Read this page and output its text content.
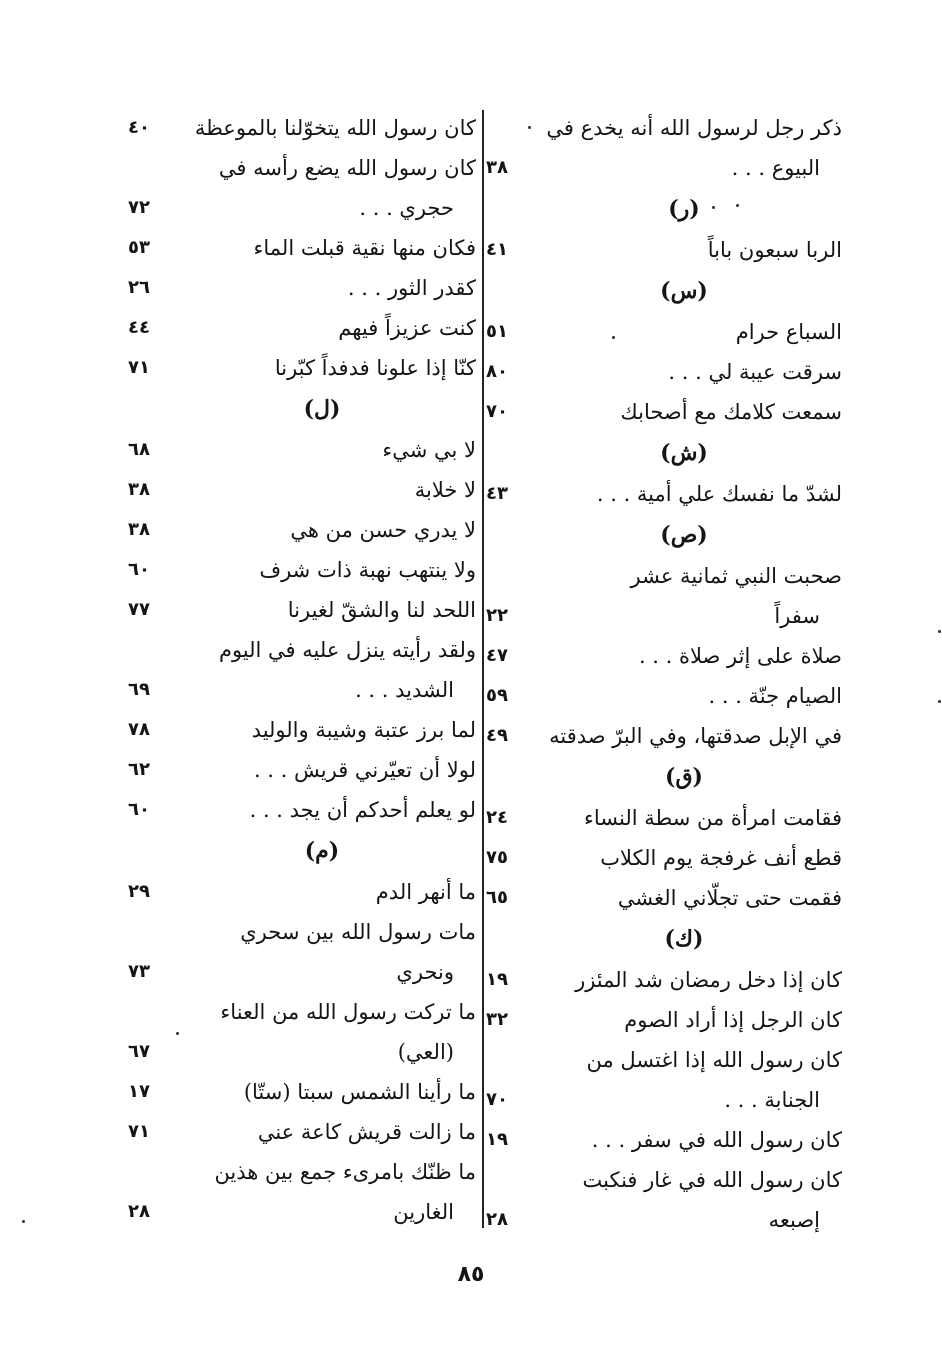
ذكر رجل لرسول الله أنه يخدع في
البيوع . . .
٣٨
(ر)
الربا سبعون باباً
٤١
(س)
السباع حرام
٥١
سرقت عيبة لي . . .
٨٠
سمعت كلامك مع أصحابك
٧٠
(ش)
لشدّ ما نفسك علي أمية . . .
٤٣
(ص)
صحبت النبي ثمانية عشر
سفراً
٢٢
صلاة على إثر صلاة . . .
٤٧
الصيام جنّة . . .
٥٩
في الإبل صدقتها، وفي البرّ صدقته
٤٩
(ق)
فقامت امرأة من سطة النساء
٢٤
قطع أنف غرفجة يوم الكلاب
٧٥
فقمت حتى تجلّاني الغشي
٦٥
(ك)
كان إذا دخل رمضان شد المئزر
١٩
كان الرجل إذا أراد الصوم
٣٢
كان رسول الله إذا اغتسل من
الجنابة . . .
٧٠
كان رسول الله في سفر . . .
١٩
كان رسول الله في غار فنكبت
إصبعه
٢٨
كان رسول الله يتخوّلنا بالموعظة
٤٠
كان رسول الله يضع رأسه في
حجري . . .
٧٢
فكان منها نقية قبلت الماء
٥٣
كقدر الثور . . .
٢٦
كنت عزيزاً فيهم
٤٤
كنّا إذا علونا فدفداً كبّرنا
٧١
(ل)
لا بي شيء
٦٨
لا خلابة
٣٨
لا يدري حسن من هي
٣٨
ولا ينتهب نهبة ذات شرف
٦٠
اللحد لنا والشقّ لغيرنا
٧٧
ولقد رأيته ينزل عليه في اليوم
الشديد . . .
٦٩
لما برز عتبة وشيبة والوليد
٧٨
لولا أن تعيّرني قريش . . .
٦٢
لو يعلم أحدكم أن يجد . . .
٦٠
(م)
ما أنهر الدم
٢٩
مات رسول الله بين سحري
ونحري
٧٣
ما تركت رسول الله من العناء
(العي)
٦٧
ما رأينا الشمس سبتا (ستّا)
١٧
ما زالت قريش كاعة عني
٧١
ما ظنّك بامرىء جمع بين هذين
الغارين
٢٨
٨٥
